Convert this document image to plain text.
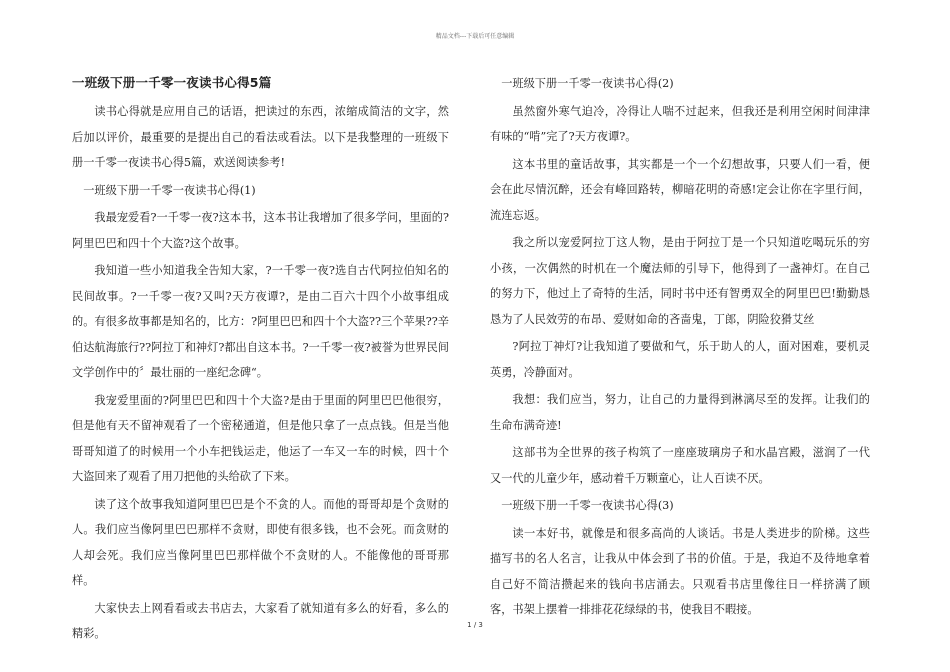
精品文档---下载后可任意编辑
一班级下册一千零一夜读书心得5篇

读书心得就是应用自己的话语，把读过的东西，浓缩成简洁的文字，然后加以评价，最重要的是提出自己的看法或看法。以下是我整理的一班级下册一千零一夜读书心得5篇，欢送阅读参考!

一班级下册一千零一夜读书心得(1)

我最宠爱看?一千零一夜?这本书，这本书让我增加了很多学问，里面的?阿里巴巴和四十个大盗?这个故事。

我知道一些小知道我全告知大家，?一千零一夜?选自古代阿拉伯知名的民间故事。?一千零一夜?又叫?天方夜谭?，是由二百六十四个小故事组成的。有很多故事都是知名的，比方：?阿里巴巴和四十个大盗??三个苹果??辛伯达航海旅行??阿拉丁和神灯?都出自这本书。?一千零一夜?被誉为世界民间文学创作中的〞最壮丽的一座纪念碑“。

我宠爱里面的?阿里巴巴和四十个大盗?是由于里面的阿里巴巴他很穷，但是他有天不留神观看了一个密秘通道，但是他只拿了一点点钱。但是当他哥哥知道了的时候用一个小车把钱运走，他运了一车又一车的时候，四十个大盗回来了观看了用刀把他的头给砍了下来。

读了这个故事我知道阿里巴巴是个不贪的人。而他的哥哥却是个贪财的人。我们应当像阿里巴巴那样不贪财，即使有很多钱，也不会死。而贪财的人却会死。我们应当像阿里巴巴那样做个不贪财的人。不能像他的哥哥那样。

大家快去上网看看或去书店去，大家看了就知道有多么的好看，多么的精彩。

一班级下册一千零一夜读书心得(2)

虽然窗外寒气迫冷，冷得让人喘不过起来，但我还是利用空闲时间津津有味的“啃”完了?天方夜谭?。

这本书里的童话故事，其实都是一个一个幻想故事，只要人们一看，便会在此尽情沉醉，还会有峰回路转，柳暗花明的奇感!定会让你在字里行间，流连忘返。

我之所以宠爱阿拉丁这人物，是由于阿拉丁是一个只知道吃喝玩乐的穷小孩，一次偶然的时机在一个魔法师的引导下，他得到了一盏神灯。在自己的努力下，他过上了奇特的生活，同时书中还有智勇双全的阿里巴巴!勤勤恳恳为了人民效劳的布昂、爱财如命的吝啬鬼，丁郎，阴险狡猾艾丝

?阿拉丁神灯?让我知道了要做和气，乐于助人的人，面对困难，要机灵英勇，冷静面对。

我想：我们应当，努力，让自己的力量得到淋漓尽至的发挥。让我们的生命布满奇迹!

这部书为全世界的孩子构筑了一座座玻璃房子和水晶宫殿，滋润了一代又一代的儿童少年，感动着千万颗童心，让人百读不厌。

一班级下册一千零一夜读书心得(3)

读一本好书，就像是和很多高尚的人谈话。书是人类进步的阶梯。这些描写书的名人名言，让我从中体会到了书的价值。于是，我迫不及待地拿着自己好不简洁攒起来的钱向书店涌去。只观看书店里像往日一样挤满了顾客，书架上摆着一排排花花绿绿的书，使我目不暇接。

1 / 3
